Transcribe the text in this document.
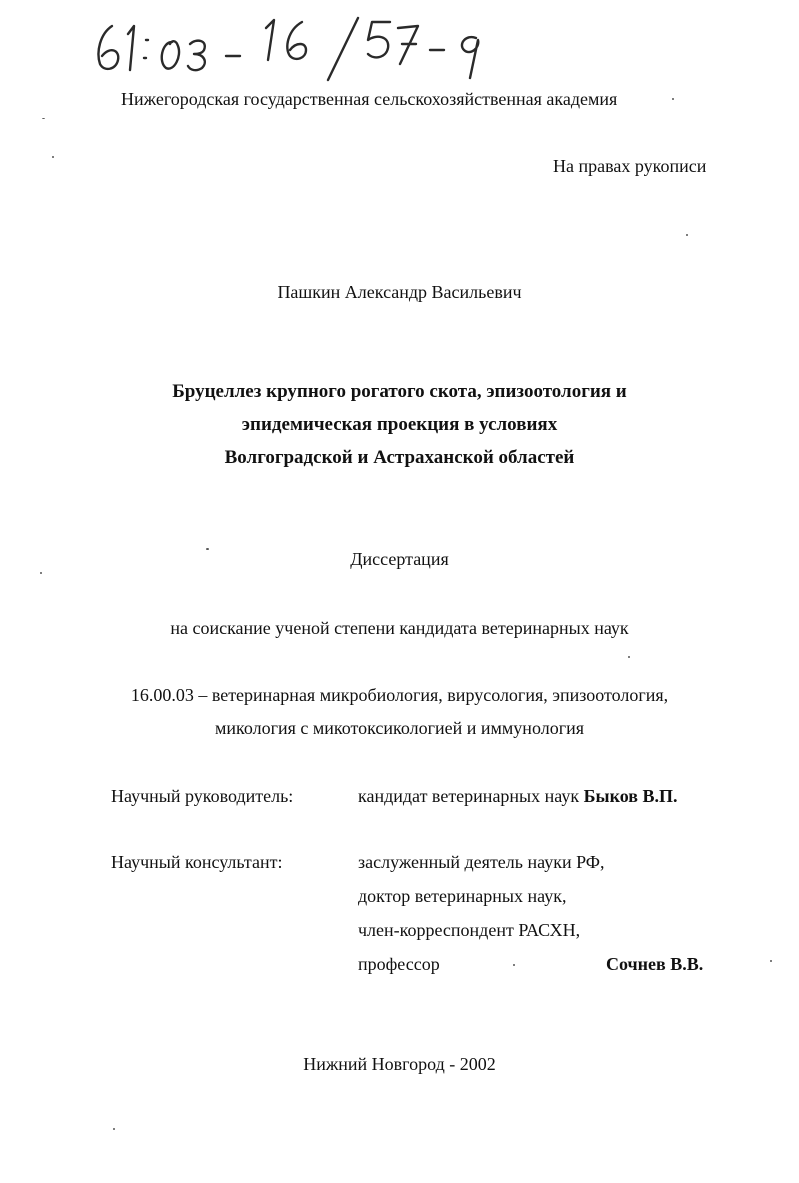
Нижегородская государственная сельскохозяйственная академия
На правах рукописи
Пашкин Александр Васильевич
Бруцеллез крупного рогатого скота, эпизоотология и
эпидемическая проекция в условиях
Волгоградской и Астраханской областей
Диссертация
на соискание ученой степени кандидата ветеринарных наук
16.00.03 – ветеринарная микробиология, вирусология, эпизоотология,
микология с микотоксикологией и иммунология
Научный руководитель:	кандидат ветеринарных наук Быков В.П.
Научный консультант:	заслуженный деятель науки РФ,
доктор ветеринарных наук,
член-корреспондент РАСХН,
профессор	Сочнев В.В.
Нижний Новгород - 2002
